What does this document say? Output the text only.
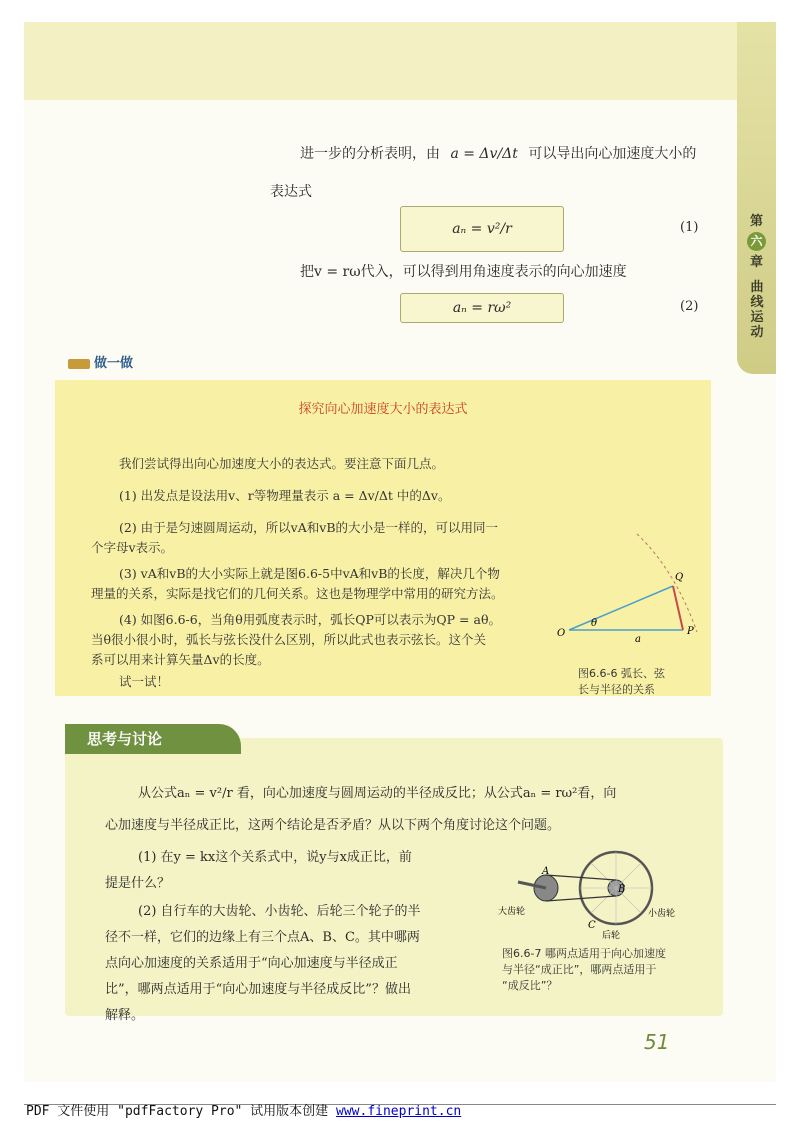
第
六
章
曲线运动
进一步的分析表明，由 a = Δv/Δt 可以导出向心加速度大小的
表达式
aₙ = v²/r	(1)
把v = rω代入，可以得到用角速度表示的向心加速度
aₙ = rω²	(2)
做一做
探究向心加速度大小的表达式
我们尝试得出向心加速度大小的表达式。要注意下面几点。
(1) 出发点是设法用v、r等物理量表示 a = Δv/Δt 中的Δv。
(2) 由于是匀速圆周运动，所以vA和vB的大小是一样的，可以用同一
个字母v表示。
(3) vA和vB的大小实际上就是图6.6-5中vA和vB的长度，解决几个物
理量的关系，实际是找它们的几何关系。这也是物理学中常用的研究方法。
(4) 如图6.6-6，当角θ用弧度表示时，弧长QP可以表示为QP = aθ。
当θ很小很小时，弧长与弦长没什么区别，所以此式也表示弦长。这个关
系可以用来计算矢量Δv的长度。
试一试！
O
θ
a
P
Q
图6.6-6 弧长、弦
长与半径的关系
思考与讨论
从公式aₙ = v²/r 看，向心加速度与圆周运动的半径成反比；从公式aₙ = rω²看，向
心加速度与半径成正比，这两个结论是否矛盾？从以下两个角度讨论这个问题。
(1) 在y = kx这个关系式中，说y与x成正比，前
提是什么？
(2) 自行车的大齿轮、小齿轮、后轮三个轮子的半
径不一样，它们的边缘上有三个点A、B、C。其中哪两
点向心加速度的关系适用于“向心加速度与半径成正
比”，哪两点适用于“向心加速度与半径成反比”？做出
解释。
A
B
C
大齿轮	小齿轮
后轮
图6.6-7 哪两点适用于向心加速度
与半径“成正比”，哪两点适用于
“成反比”？
51
PDF 文件使用 "pdfFactory Pro" 试用版本创建 www.fineprint.cn
